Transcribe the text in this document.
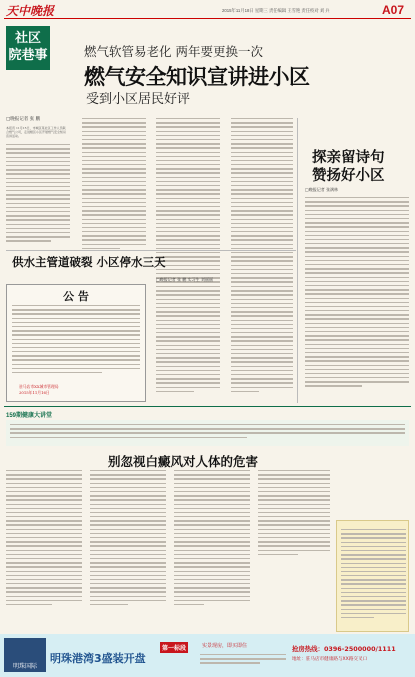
天中晚报	2015年11月18日 星期三 责任编辑 王雪艳 责任校对 刘 兵	A07
社区
院巷事	燃气软管易老化 两年要更换一次
燃气安全知识宣讲进小区
受到小区居民好评
□晚报记者 张 鹏
本报讯 11月15日，市城区某社区工作人员联合燃气公司，走进辖区小区开展燃气安全知识宣讲活动。
探亲留诗句
赞扬好小区
□晚报记者 张满林
供水主管道破裂 小区停水三天
□晚报记者 张 鹏 实习生 刘丽丽
公 告
驻马店市XX城市管理局
2015年11月16日
159期健康大讲堂
别忽视白癜风对人体的危害
明珠国际
明珠港湾3盛装开盘
第一标段	实景现房，即买即住	抢房热线：0396-2500000/1111
地址：驻马店市健康路与XX路交叉口
